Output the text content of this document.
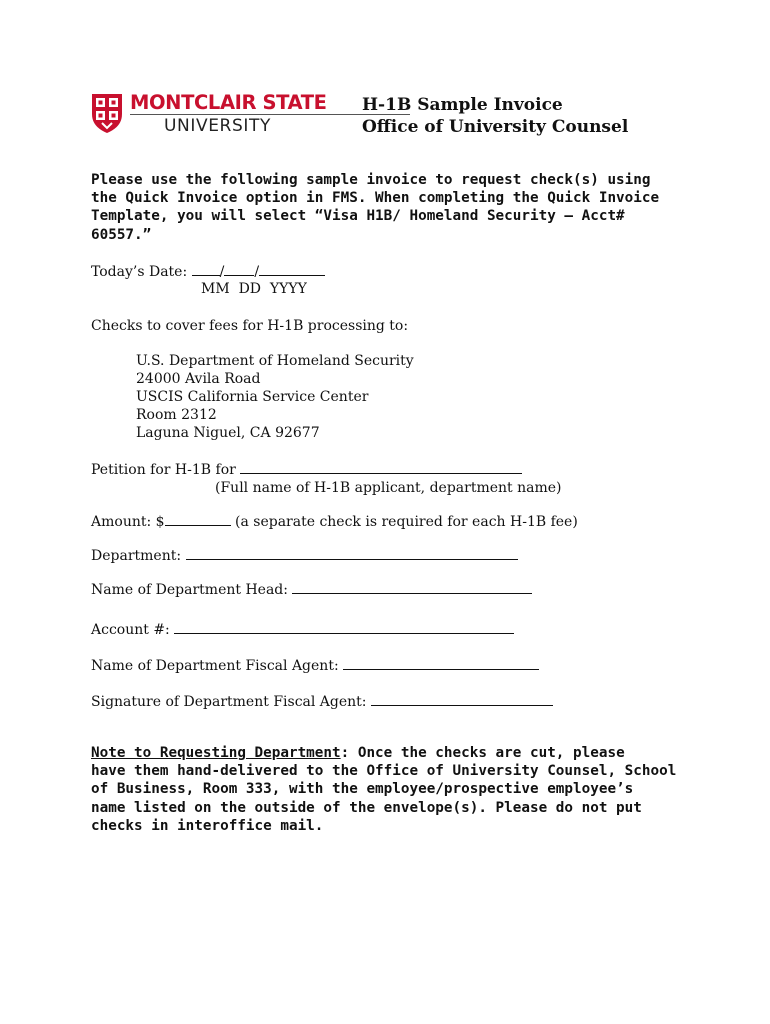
MONTCLAIR STATE
UNIVERSITY
H-1B Sample Invoice
Office of University Counsel
Please use the following sample invoice to request check(s) using
the Quick Invoice option in FMS. When completing the Quick Invoice
Template, you will select “Visa H1B/ Homeland Security – Acct#
60557.”
Today’s Date: / /
MM  DD  YYYY
Checks to cover fees for H-1B processing to:
U.S. Department of Homeland Security
24000 Avila Road
USCIS California Service Center
Room 2312
Laguna Niguel, CA 92677
Petition for H-1B for
(Full name of H-1B applicant, department name)
Amount: $	(a separate check is required for each H-1B fee)
Department:
Name of Department Head:
Account #:
Name of Department Fiscal Agent:
Signature of Department Fiscal Agent:
Note to Requesting Department: Once the checks are cut, please
have them hand-delivered to the Office of University Counsel, School
of Business, Room 333, with the employee/prospective employee’s
name listed on the outside of the envelope(s). Please do not put
checks in interoffice mail.
